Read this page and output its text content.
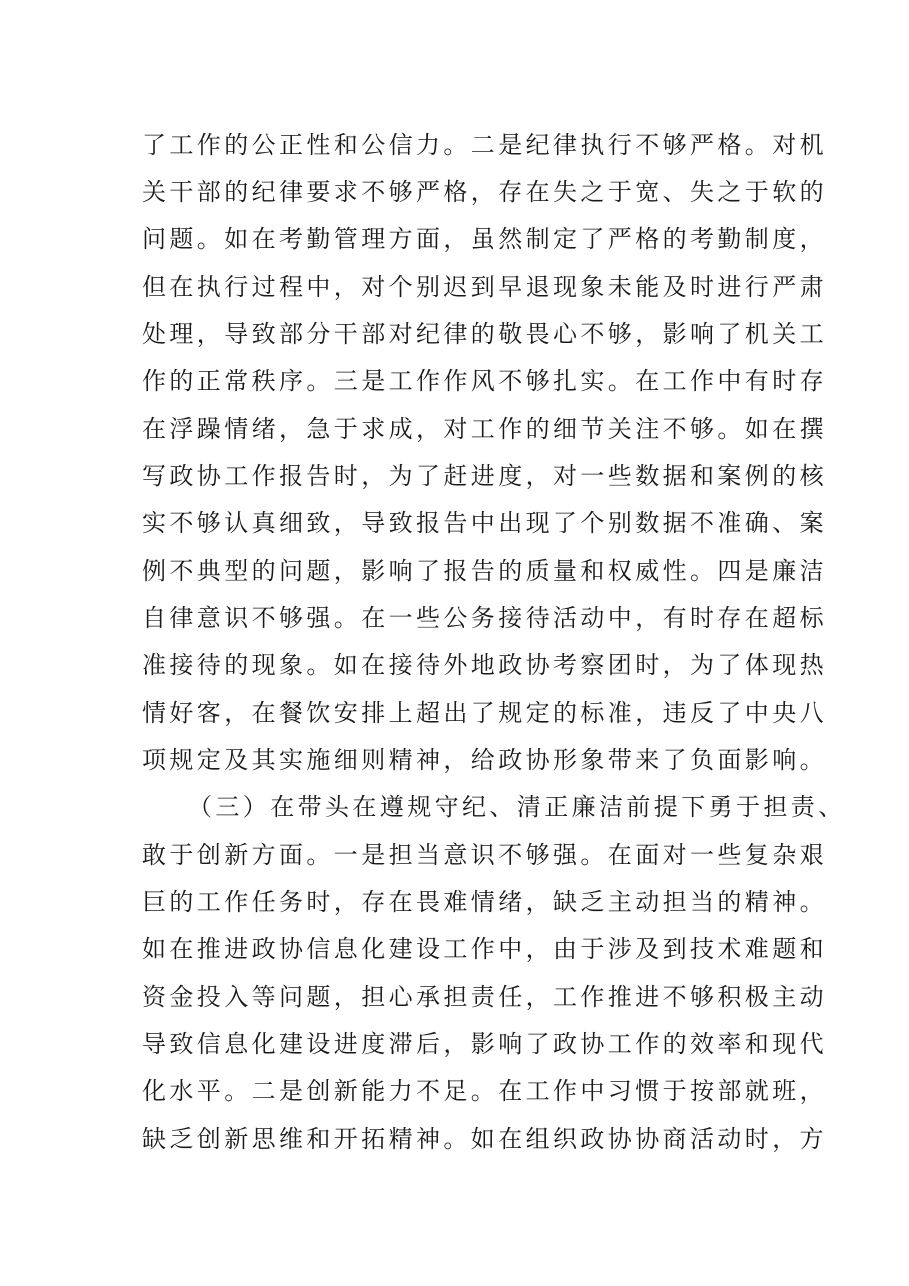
了工作的公正性和公信力。二是纪律执行不够严格。对机
关干部的纪律要求不够严格，存在失之于宽、失之于软的
问题。如在考勤管理方面，虽然制定了严格的考勤制度，
但在执行过程中，对个别迟到早退现象未能及时进行严肃
处理，导致部分干部对纪律的敬畏心不够，影响了机关工
作的正常秩序。三是工作作风不够扎实。在工作中有时存
在浮躁情绪，急于求成，对工作的细节关注不够。如在撰
写政协工作报告时，为了赶进度，对一些数据和案例的核
实不够认真细致，导致报告中出现了个别数据不准确、案
例不典型的问题，影响了报告的质量和权威性。四是廉洁
自律意识不够强。在一些公务接待活动中，有时存在超标
准接待的现象。如在接待外地政协考察团时，为了体现热
情好客，在餐饮安排上超出了规定的标准，违反了中央八
项规定及其实施细则精神，给政协形象带来了负面影响。
（三）在带头在遵规守纪、清正廉洁前提下勇于担责、
敢于创新方面。一是担当意识不够强。在面对一些复杂艰
巨的工作任务时，存在畏难情绪，缺乏主动担当的精神。
如在推进政协信息化建设工作中，由于涉及到技术难题和
资金投入等问题，担心承担责任，工作推进不够积极主动
导致信息化建设进度滞后，影响了政协工作的效率和现代
化水平。二是创新能力不足。在工作中习惯于按部就班，
缺乏创新思维和开拓精神。如在组织政协协商活动时，方
